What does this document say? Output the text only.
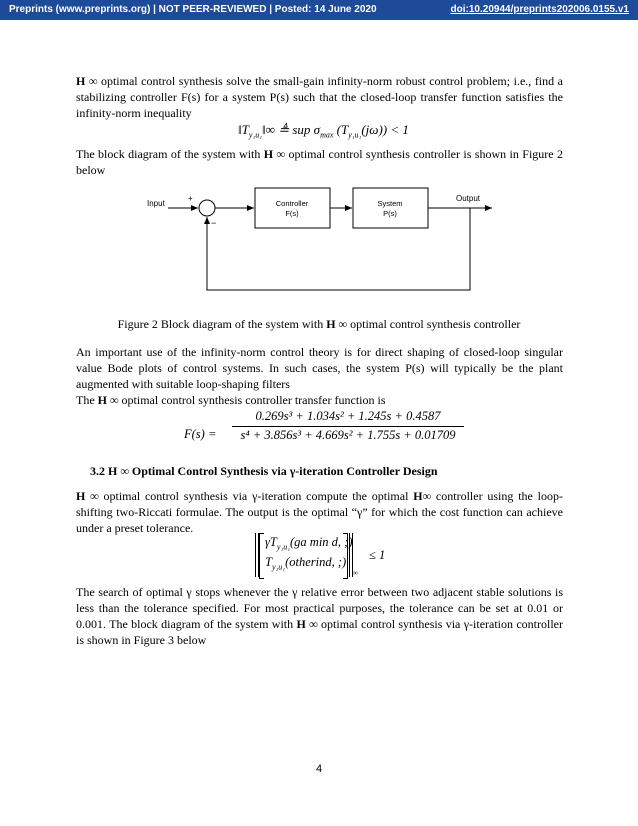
Preprints (www.preprints.org) | NOT PEER-REVIEWED | Posted: 14 June 2020	doi:10.20944/preprints202006.0155.v1
H ∞ optimal control synthesis solve the small-gain infinity-norm robust control problem; i.e., find a stabilizing controller F(s) for a system P(s) such that the closed-loop transfer function satisfies the infinity-norm inequality
$‖T_{y_1u_1}‖\infty$ ≜ sup $\sigma_{max}$ $(T_{y_1u_1}(j\omega)) < 1$
The block diagram of the system with H ∞ optimal control synthesis controller is shown in Figure 2 below
Input
+
−
Controller
F(s)
System
P(s)
Output
Figure 2 Block diagram of the system with H ∞ optimal control synthesis controller
An important use of the infinity-norm control theory is for direct shaping of closed-loop singular value Bode plots of control systems. In such cases, the system P(s) will typically be the plant augmented with suitable loop-shaping filters
The H ∞ optimal control synthesis controller transfer function is
F(s) =
0.269s³ + 1.034s² + 1.245s + 0.4587
s⁴ + 3.856s³ + 4.669s² + 1.755s + 0.01709
3.2 H ∞ Optimal Control Synthesis via γ-iteration Controller Design
H ∞ optimal control synthesis via γ-iteration compute the optimal H∞ controller using the loop-shifting two-Riccati formulae. The output is the optimal “γ” for which the cost function can achieve under a preset tolerance.
$\gamma T_{y_1u_1}(ga$ min d, ;)
$T_{y_1u_1}(otherind$, ;)
∞
≤ 1
The search of optimal γ stops whenever the γ relative error between two adjacent stable solutions is less than the tolerance specified. For most practical purposes, the tolerance can be set at 0.01 or 0.001. The block diagram of the system with H ∞ optimal control synthesis via γ-iteration controller is shown in Figure 3 below
4
